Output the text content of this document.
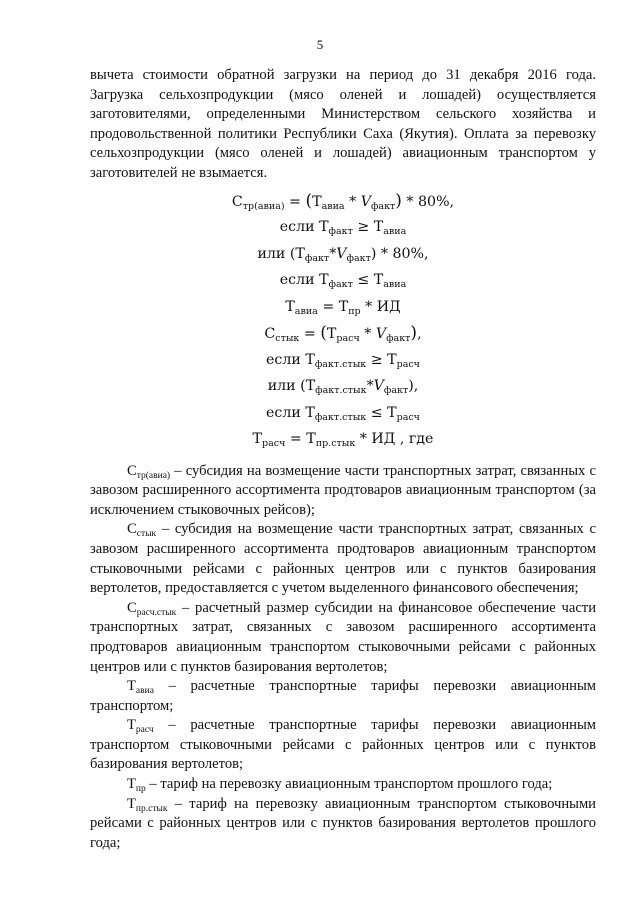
5

вычета стоимости обратной загрузки на период до 31 декабря 2016 года. Загрузка сельхозпродукции (мясо оленей и лошадей) осуществляется заготовителями, определенными Министерством сельского хозяйства и продовольственной политики Республики Саха (Якутия). Оплата за перевозку сельхозпродукции (мясо оленей и лошадей) авиационным транспортом у заготовителей не взымается.

$С_{тр(авиа)} = (Т_{авиа} * V_{факт}) * 80\%$,
если $Т_{факт} \ge Т_{авиа}$
или $(Т_{факт}*V_{факт}) * 80\%$,
если $Т_{факт} \le Т_{авиа}$
$Т_{авиа} = Т_{пр}$ * ИД
$С_{стык} = (Т_{расч} * V_{факт})$,
если $Т_{факт.стык} \ge Т_{расч}$
или $(Т_{факт.стык}*V_{факт})$,
если $Т_{факт.стык} \le Т_{расч}$
$Т_{расч} = Т_{пр.стык}$ * ИД , где

$С_{тр(авиа)}$ – субсидия на возмещение части транспортных затрат, связанных с завозом расширенного ассортимента продтоваров авиационным транспортом (за исключением стыковочных рейсов);

$С_{стык}$ – субсидия на возмещение части транспортных затрат, связанных с завозом расширенного ассортимента продтоваров авиационным транспортом стыковочными рейсами с районных центров или с пунктов базирования вертолетов, предоставляется с учетом выделенного финансового обеспечения;

$С_{расч.стык}$ – расчетный размер субсидии на финансовое обеспечение части транспортных затрат, связанных с завозом расширенного ассортимента продтоваров авиационным транспортом стыковочными рейсами с районных центров или с пунктов базирования вертолетов;

$Т_{авиа}$ – расчетные транспортные тарифы перевозки авиационным транспортом;

$Т_{расч}$ – расчетные транспортные тарифы перевозки авиационным транспортом стыковочными рейсами с районных центров или с пунктов базирования вертолетов;

$Т_{пр}$ – тариф на перевозку авиационным транспортом прошлого года;

$Т_{пр.стык}$ – тариф на перевозку авиационным транспортом стыковочными рейсами с районных центров или с пунктов базирования вертолетов прошлого года;
